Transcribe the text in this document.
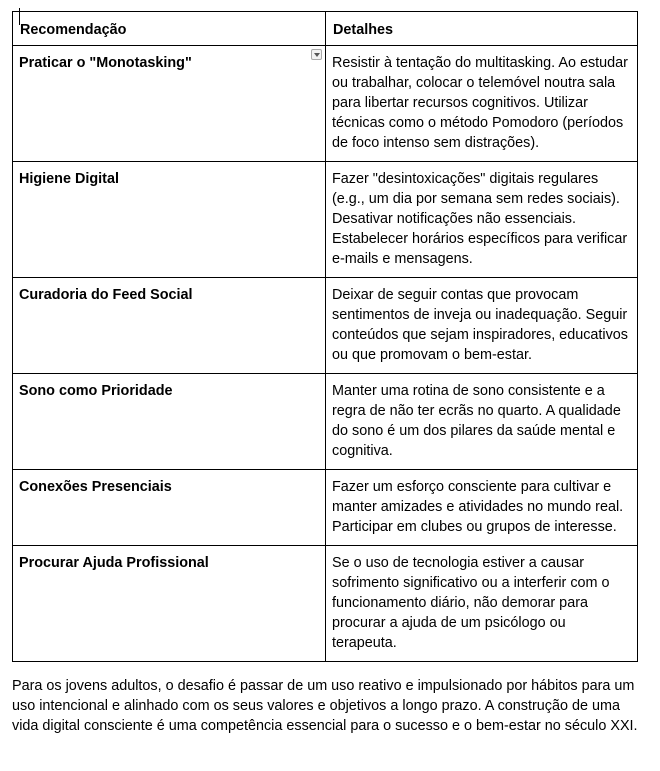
Recomendação	Detalhes

Praticar o "Monotasking"	Resistir à tentação do multitasking. Ao estudar ou trabalhar, colocar o telemóvel noutra sala para libertar recursos cognitivos. Utilizar técnicas como o método Pomodoro (períodos de foco intenso sem distrações).

Higiene Digital	Fazer "desintoxicações" digitais regulares (e.g., um dia por semana sem redes sociais). Desativar notificações não essenciais. Estabelecer horários específicos para verificar e-mails e mensagens.

Curadoria do Feed Social	Deixar de seguir contas que provocam sentimentos de inveja ou inadequação. Seguir conteúdos que sejam inspiradores, educativos ou que promovam o bem-estar.

Sono como Prioridade	Manter uma rotina de sono consistente e a regra de não ter ecrãs no quarto. A qualidade do sono é um dos pilares da saúde mental e cognitiva.

Conexões Presenciais	Fazer um esforço consciente para cultivar e manter amizades e atividades no mundo real. Participar em clubes ou grupos de interesse.

Procurar Ajuda Profissional	Se o uso de tecnologia estiver a causar sofrimento significativo ou a interferir com o funcionamento diário, não demorar para procurar a ajuda de um psicólogo ou terapeuta.

Para os jovens adultos, o desafio é passar de um uso reativo e impulsionado por hábitos para um uso intencional e alinhado com os seus valores e objetivos a longo prazo. A construção de uma vida digital consciente é uma competência essencial para o sucesso e o bem-estar no século XXI.
